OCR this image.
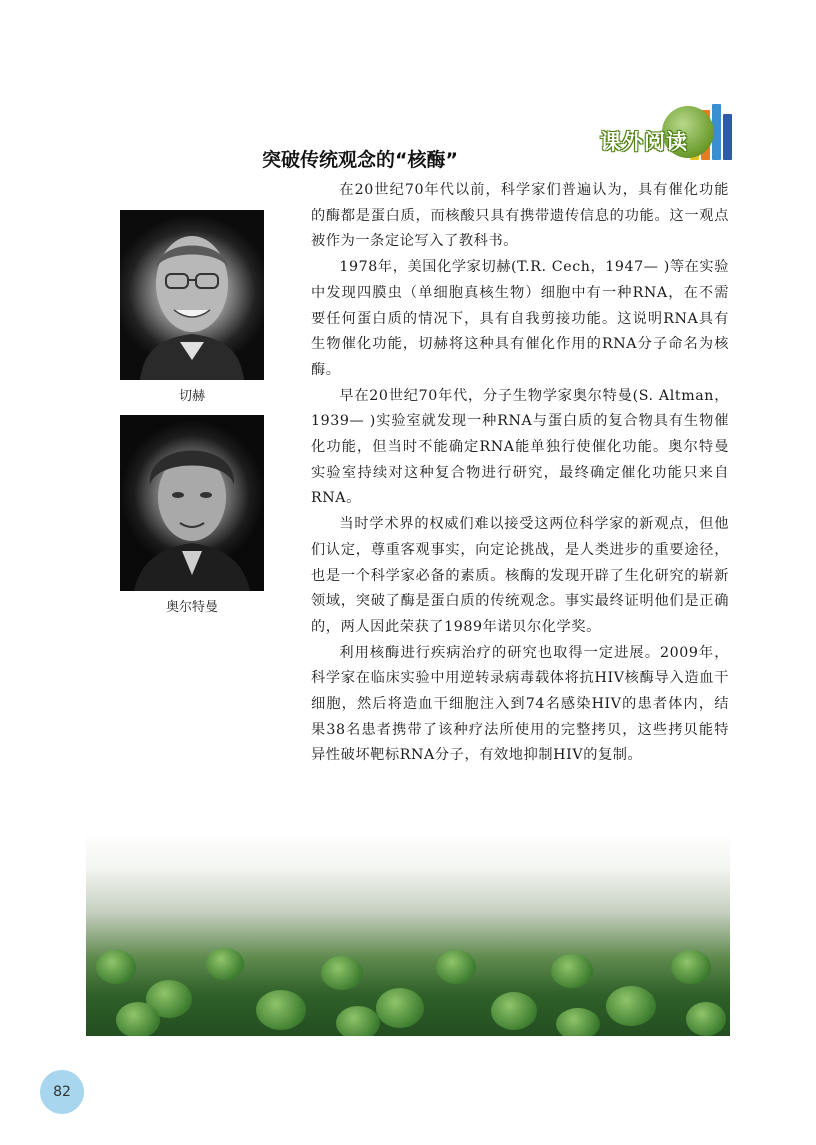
课外阅读
突破传统观念的“核酶”
切赫
奥尔特曼

在20世纪70年代以前，科学家们普遍认为，具有催化功能的酶都是蛋白质，而核酸只具有携带遗传信息的功能。这一观点被作为一条定论写入了教科书。

1978年，美国化学家切赫(T.R. Cech，1947— )等在实验中发现四膜虫（单细胞真核生物）细胞中有一种RNA，在不需要任何蛋白质的情况下，具有自我剪接功能。这说明RNA具有生物催化功能，切赫将这种具有催化作用的RNA分子命名为核酶。

早在20世纪70年代，分子生物学家奥尔特曼(S. Altman，1939— )实验室就发现一种RNA与蛋白质的复合物具有生物催化功能，但当时不能确定RNA能单独行使催化功能。奥尔特曼实验室持续对这种复合物进行研究，最终确定催化功能只来自RNA。

当时学术界的权威们难以接受这两位科学家的新观点，但他们认定，尊重客观事实，向定论挑战，是人类进步的重要途径，也是一个科学家必备的素质。核酶的发现开辟了生化研究的崭新领域，突破了酶是蛋白质的传统观念。事实最终证明他们是正确的，两人因此荣获了1989年诺贝尔化学奖。

利用核酶进行疾病治疗的研究也取得一定进展。2009年，科学家在临床实验中用逆转录病毒载体将抗HIV核酶导入造血干细胞，然后将造血干细胞注入到74名感染HIV的患者体内，结果38名患者携带了该种疗法所使用的完整拷贝，这些拷贝能特异性破坏靶标RNA分子，有效地抑制HIV的复制。

82
